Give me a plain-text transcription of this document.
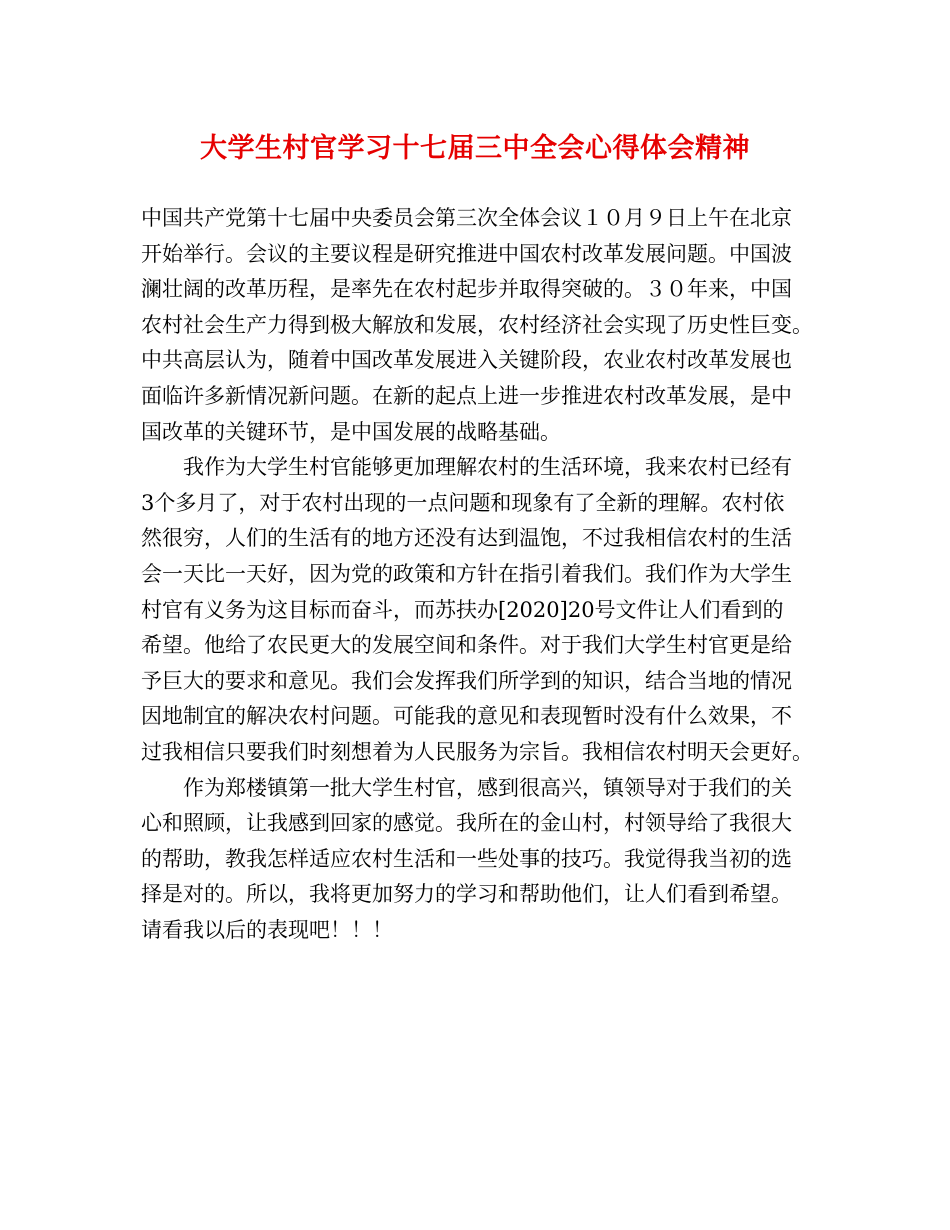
大学生村官学习十七届三中全会心得体会精神
中国共产党第十七届中央委员会第三次全体会议１０月９日上午在北京
开始举行。会议的主要议程是研究推进中国农村改革发展问题。中国波
澜壮阔的改革历程，是率先在农村起步并取得突破的。３０年来，中国
农村社会生产力得到极大解放和发展，农村经济社会实现了历史性巨变。
中共高层认为，随着中国改革发展进入关键阶段，农业农村改革发展也
面临许多新情况新问题。在新的起点上进一步推进农村改革发展，是中
国改革的关键环节，是中国发展的战略基础。
我作为大学生村官能够更加理解农村的生活环境，我来农村已经有
3个多月了，对于农村出现的一点问题和现象有了全新的理解。农村依
然很穷，人们的生活有的地方还没有达到温饱，不过我相信农村的生活
会一天比一天好，因为党的政策和方针在指引着我们。我们作为大学生
村官有义务为这目标而奋斗，而苏扶办[2020]20号文件让人们看到的
希望。他给了农民更大的发展空间和条件。对于我们大学生村官更是给
予巨大的要求和意见。我们会发挥我们所学到的知识，结合当地的情况
因地制宜的解决农村问题。可能我的意见和表现暂时没有什么效果，不
过我相信只要我们时刻想着为人民服务为宗旨。我相信农村明天会更好。
作为郑楼镇第一批大学生村官，感到很高兴，镇领导对于我们的关
心和照顾，让我感到回家的感觉。我所在的金山村，村领导给了我很大
的帮助，教我怎样适应农村生活和一些处事的技巧。我觉得我当初的选
择是对的。所以，我将更加努力的学习和帮助他们，让人们看到希望。
请看我以后的表现吧！！！
